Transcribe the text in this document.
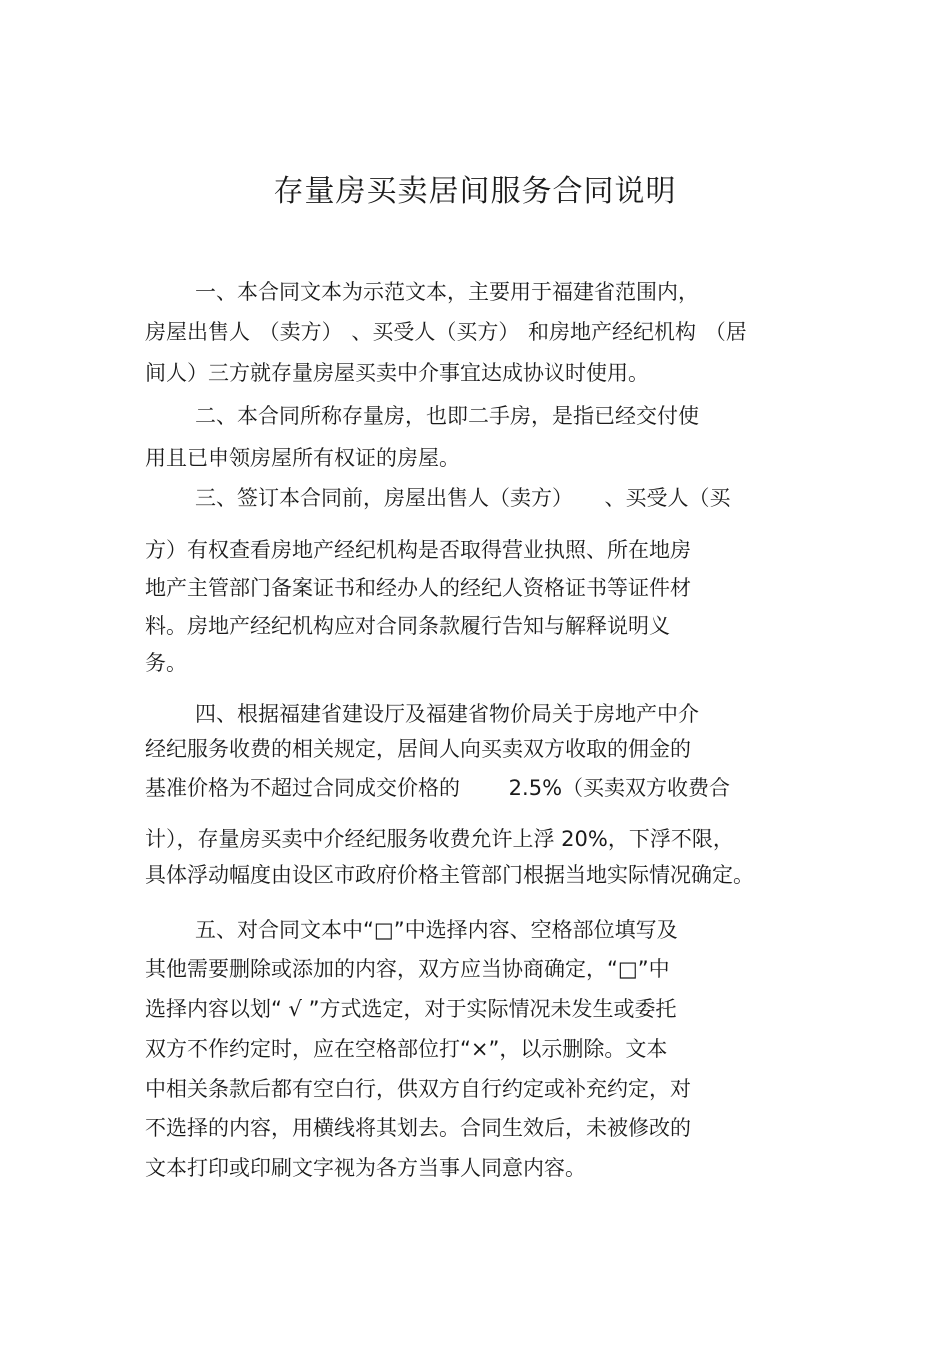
存量房买卖居间服务合同说明
一、本合同文本为示范文本，主要用于福建省范围内，
房屋出售人 （卖方） 、买受人（买方） 和房地产经纪机构 （居
间人）三方就存量房屋买卖中介事宜达成协议时使用。
二、本合同所称存量房，也即二手房，是指已经交付使
用且已申领房屋所有权证的房屋。
三、签订本合同前，房屋出售人（卖方）　　、买受人（买
方）有权查看房地产经纪机构是否取得营业执照、所在地房
地产主管部门备案证书和经办人的经纪人资格证书等证件材
料。房地产经纪机构应对合同条款履行告知与解释说明义
务。
四、根据福建省建设厅及福建省物价局关于房地产中介
经纪服务收费的相关规定，居间人向买卖双方收取的佣金的
基准价格为不超过合同成交价格的　　 2.5%（买卖双方收费合
计），存量房买卖中介经纪服务收费允许上浮 20%，下浮不限，
具体浮动幅度由设区市政府价格主管部门根据当地实际情况确定。
五、对合同文本中“□”中选择内容、空格部位填写及
其他需要删除或添加的内容，双方应当协商确定，“□”中
选择内容以划“ √ ”方式选定，对于实际情况未发生或委托
双方不作约定时，应在空格部位打“×”，以示删除。文本
中相关条款后都有空白行，供双方自行约定或补充约定，对
不选择的内容，用横线将其划去。合同生效后，未被修改的
文本打印或印刷文字视为各方当事人同意内容。
